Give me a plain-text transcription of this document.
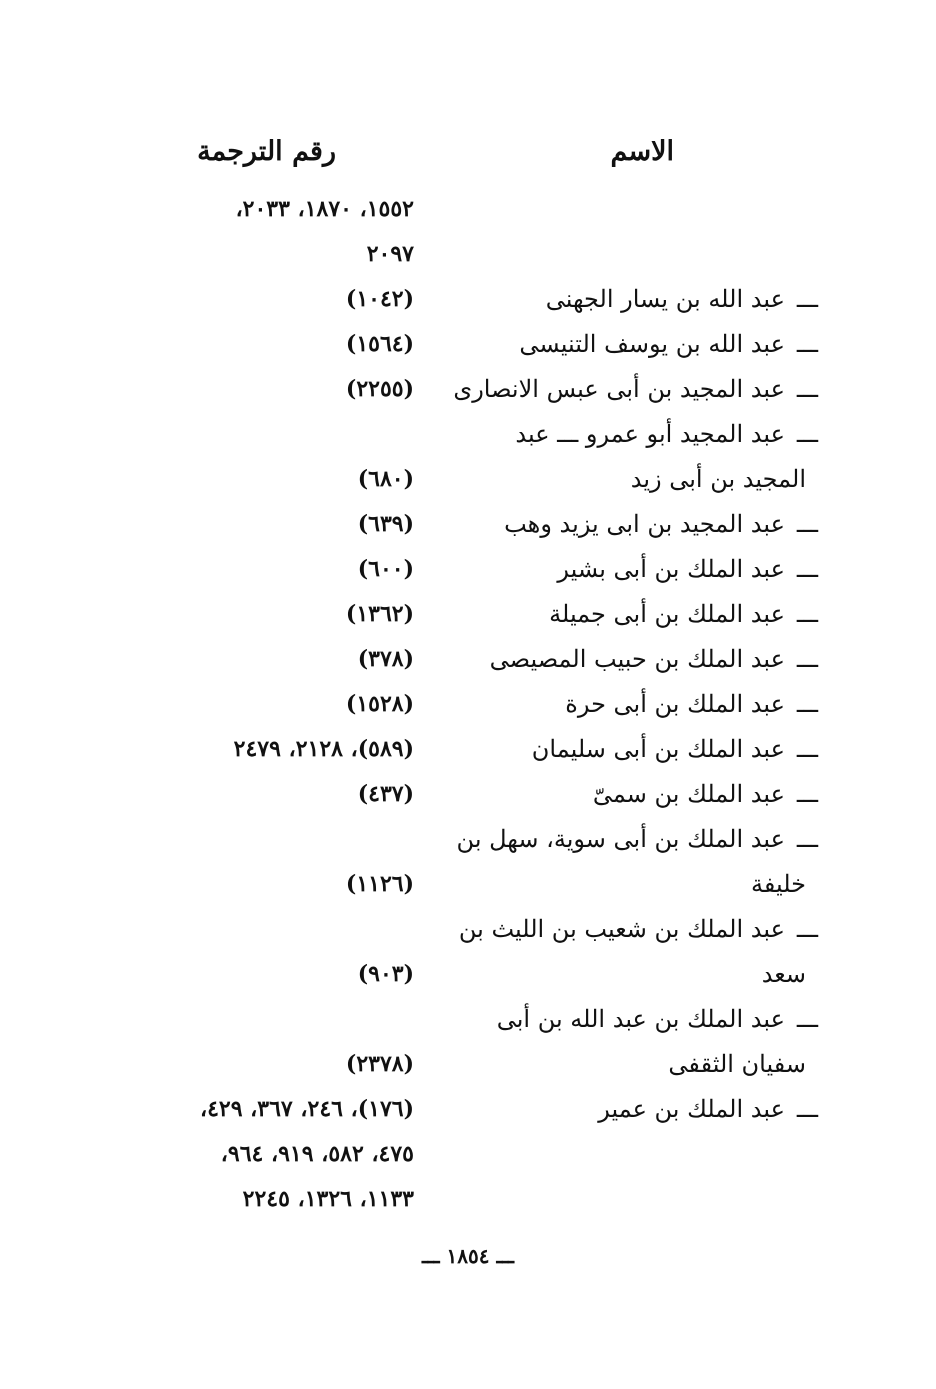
الاسم
رقم الترجمة
١٥٥٢، ١٨٧٠، ٢٠٣٣،
٢٠٩٧
ـــعبد الله بن يسار الجهنى
(١٠٤٢)
ـــعبد الله بن يوسف التنيسى
(١٥٦٤)
ـــعبد المجيد بن أبى عبس الانصارى
(٢٢٥٥)
ـــعبد المجيد أبو عمرو ـــ عبد
المجيد بن أبى زيد
(٦٨٠)
ـــعبد المجيد بن ابى يزيد وهب
(٦٣٩)
ـــعبد الملك بن أبى بشير
(٦٠٠)
ـــعبد الملك بن أبى جميلة
(١٣٦٢)
ـــعبد الملك بن حبيب المصيصى
(٣٧٨)
ـــعبد الملك بن أبى حرة
(١٥٢٨)
ـــعبد الملك بن أبى سليمان
(٥٨٩)، ٢١٢٨، ٢٤٧٩
ـــعبد الملك بن سمىّ
(٤٣٧)
ـــعبد الملك بن أبى سوية، سهل بن
خليفة
(١١٢٦)
ـــعبد الملك بن شعيب بن الليث بن
سعد
(٩٠٣)
ـــعبد الملك بن عبد الله بن أبى
سفيان الثقفى
(٢٣٧٨)
ـــعبد الملك بن عمير
(١٧٦)، ٢٤٦، ٣٦٧، ٤٢٩،
٤٧٥، ٥٨٢، ٩١٩، ٩٦٤،
١١٣٣، ١٣٢٦، ٢٢٤٥
ـــ ١٨٥٤ ـــ
